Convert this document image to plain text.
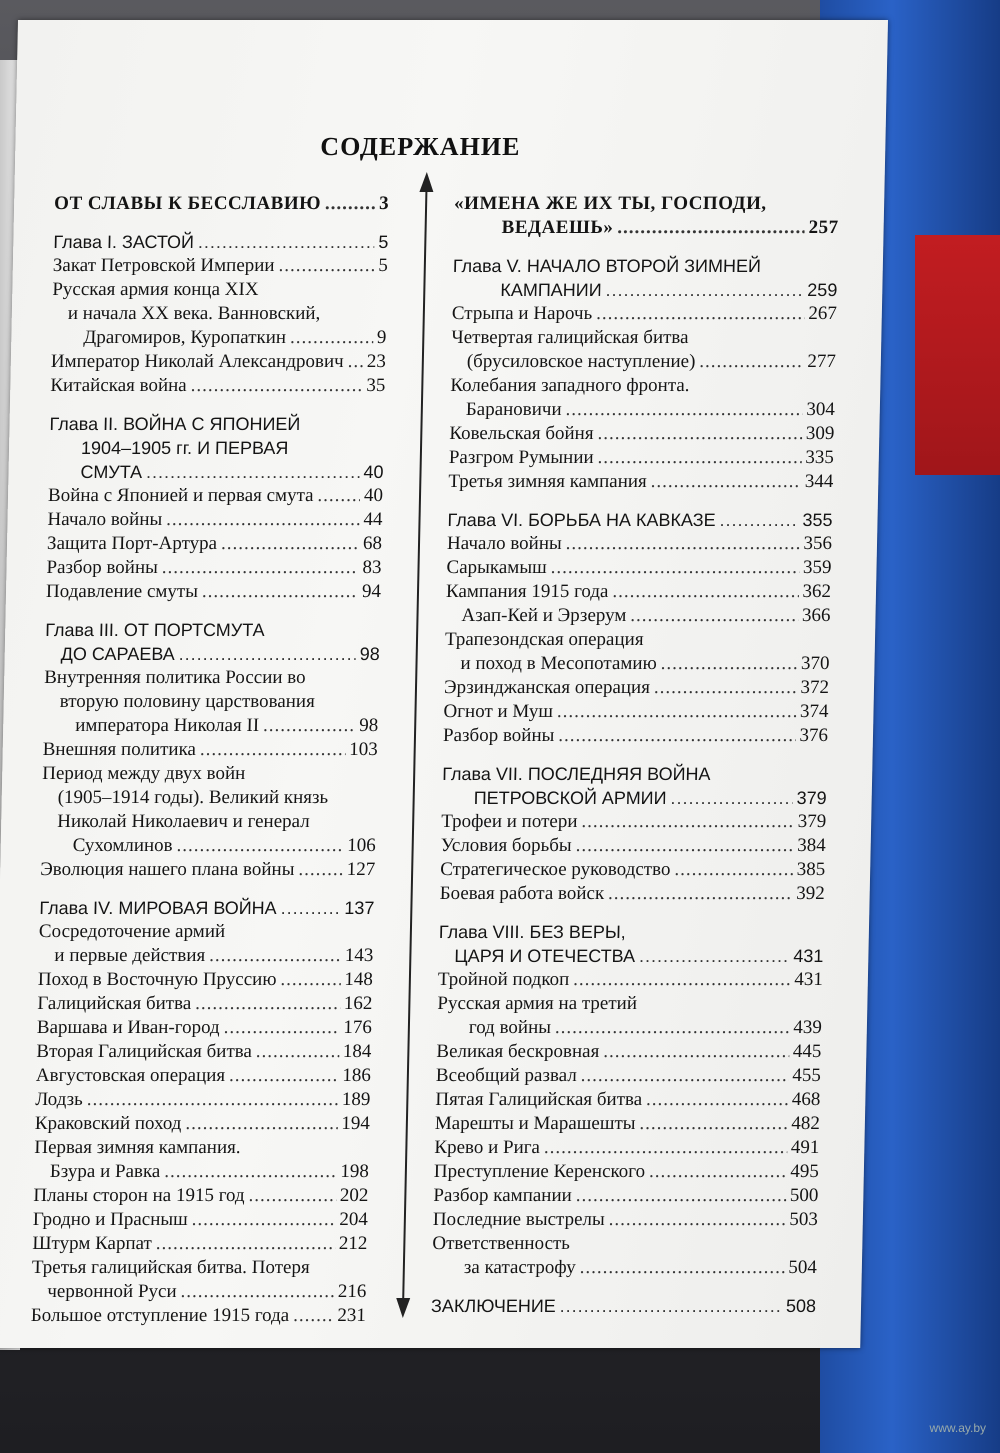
СОДЕРЖАНИЕ
ОТ СЛАВЫ К БЕССЛАВИЮ .....	3
Глава I. ЗАСТОЙ .....	5
Закат Петровской Империи .....	5
Русская армия конца XIX
и начала XX века. Ванновский,
Драгомиров, Куропаткин .....	9
Император Николай Александрович ..... 23
Китайская война .....	35
Глава II. ВОЙНА С ЯПОНИЕЙ
1904–1905 гг. И ПЕРВАЯ
СМУТА .....	40
Война с Японией и первая смута .....	40
Начало войны .....	44
Защита Порт-Артура .....	68
Разбор войны .....	83
Подавление смуты .....	94
Глава III. ОТ ПОРТСМУТА
ДО САРАЕВА .....	98
Внутренняя политика России во
вторую половину царствования
императора Николая II .....	98
Внешняя политика .....	103
Период между двух войн
(1905–1914 годы). Великий князь
Николай Николаевич и генерал
Сухомлинов .....	106
Эволюция нашего плана войны .....	127
Глава IV. МИРОВАЯ ВОЙНА .....	137
Сосредоточение армий
и первые действия .....	143
Поход в Восточную Пруссию .....	148
Галицийская битва .....	162
Варшава и Иван-город .....	176
Вторая Галицийская битва .....	184
Августовская операция .....	186
Лодзь .....	189
Краковский поход .....	194
Первая зимняя кампания.
Бзура и Равка .....	198
Планы сторон на 1915 год .....	202
Гродно и Прасныш .....	204
Штурм Карпат .....	212
Третья галицийская битва. Потеря
червонной Руси .....	216
Большое отступление 1915 года .....	231
«ИМЕНА ЖЕ ИХ ТЫ, ГОСПОДИ,
ВЕДАЕШЬ» .....	257
Глава V. НАЧАЛО ВТОРОЙ ЗИМНЕЙ
КАМПАНИИ .....	259
Стрыпа и Нарочь .....	267
Четвертая галицийская битва
(брусиловское наступление) .....	277
Колебания западного фронта.
Барановичи .....	304
Ковельская бойня .....	309
Разгром Румынии .....	335
Третья зимняя кампания .....	344
Глава VI. БОРЬБА НА КАВКАЗЕ .....	355
Начало войны .....	356
Сарыкамыш .....	359
Кампания 1915 года .....	362
Азап-Кей и Эрзерум .....	366
Трапезондская операция
и поход в Месопотамию .....	370
Эрзинджанская операция .....	372
Огнот и Муш .....	374
Разбор войны .....	376
Глава VII. ПОСЛЕДНЯЯ ВОЙНА
ПЕТРОВСКОЙ АРМИИ .....	379
Трофеи и потери .....	379
Условия борьбы .....	384
Стратегическое руководство .....	385
Боевая работа войск .....	392
Глава VIII. БЕЗ ВЕРЫ,
ЦАРЯ И ОТЕЧЕСТВА .....	431
Тройной подкоп .....	431
Русская армия на третий
год войны .....	439
Великая бескровная .....	445
Всеобщий развал .....	455
Пятая Галицийская битва .....	468
Марешты и Марашешты .....	482
Крево и Рига .....	491
Преступление Керенского .....	495
Разбор кампании .....	500
Последние выстрелы .....	503
Ответственность
за катастрофу .....	504
ЗАКЛЮЧЕНИЕ .....	508
www.ay.by
